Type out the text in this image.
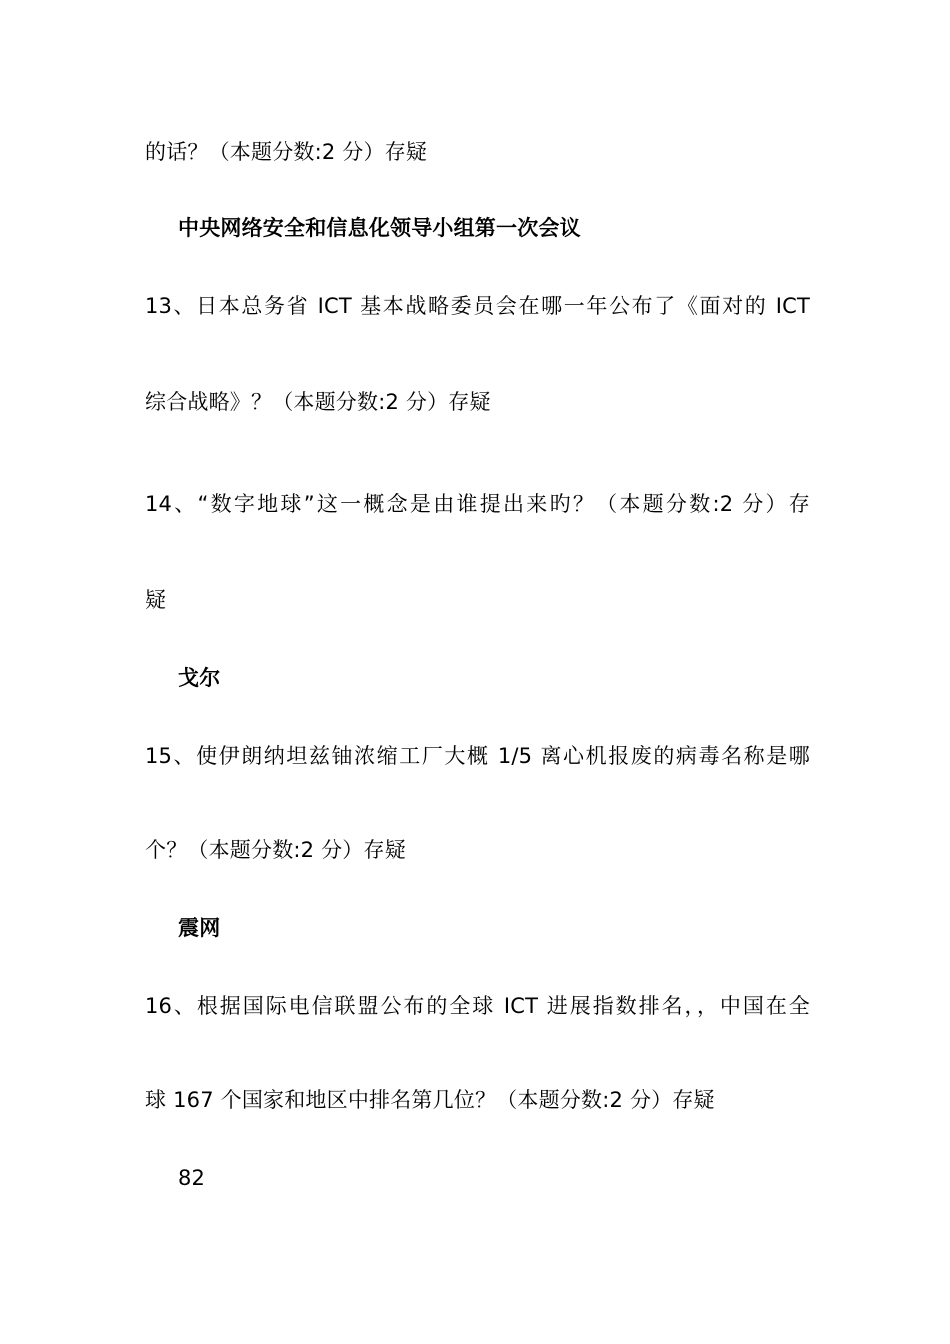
的话？（本题分数:2 分）存疑
中央网络安全和信息化领导小组第一次会议
13、日本总务省 ICT 基本战略委员会在哪一年公布了《面对的 ICT
综合战略》？（本题分数:2 分）存疑
14、“数字地球”这一概念是由谁提出来旳？（本题分数:2 分）存
疑
戈尔
15、使伊朗纳坦兹铀浓缩工厂大概 1/5 离心机报废的病毒名称是哪
个？（本题分数:2 分）存疑
震网
16、根据国际电信联盟公布的全球 ICT 进展指数排名，，中国在全
球 167 个国家和地区中排名第几位？（本题分数:2 分）存疑
82
